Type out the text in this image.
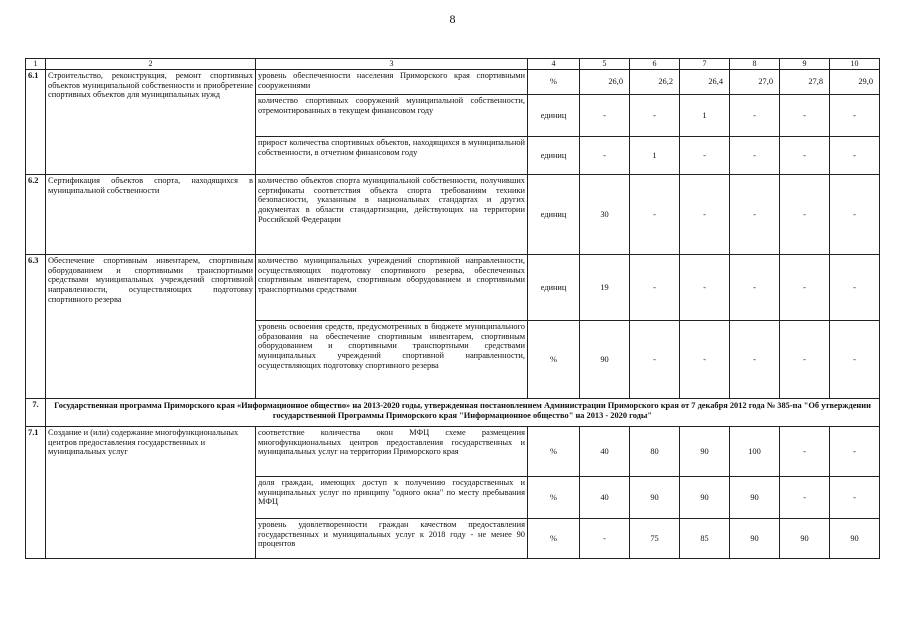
8
1	2	3	4	5	6	7	8	9	10
6.1	Строительство, реконструкция, ремонт спортивных объектов муниципальной собственности и приобретение спортивных объектов для муниципальных нужд	уровень обеспеченности населения Приморского края спортивными сооружениями	%	26,0	26,2	26,4	27,0	27,8	29,0
		количество спортивных сооружений муниципальной собственности, отремонтированных в текущем финансовом году	единиц	-	-	1	-	-	-
		прирост количества спортивных объектов, находящихся в муниципальной собственности, в отчетном финансовом году	единиц	-	1	-	-	-	-
6.2	Сертификация объектов спорта, находящихся в муниципальной собственности	количество объектов спорта муниципальной собственности, получивших сертификаты соответствия объекта спорта требованиям техники безопасности, указанным в национальных стандартах и других документах в области стандартизации, действующих на территории Российской Федерации	единиц	30	-	-	-	-	-
6.3	Обеспечение спортивным инвентарем, спортивным оборудованием и спортивными транспортными средствами муниципальных учреждений спортивной направленности, осуществляющих подготовку спортивного резерва	количество муниципальных учреждений спортивной направленности, осуществляющих подготовку спортивного резерва, обеспеченных спортивным инвентарем, спортивным оборудованием и спортивными транспортными средствами	единиц	19	-	-	-	-	-
		уровень освоения средств, предусмотренных в бюджете муниципального образования на обеспечение спортивным инвентарем, спортивным оборудованием и спортивными транспортными средствами муниципальных учреждений спортивной направленности, осуществляющих подготовку спортивного резерва	%	90	-	-	-	-	-
7.	Государственная программа Приморского края «Информационное общество» на 2013-2020 годы, утвержденная постановлением Администрации Приморского края от 7 декабря 2012 года № 385-па "Об утверждении государственной Программы Приморского края "Информационное общество" на 2013 - 2020 годы"								
7.1	Создание и (или) содержание многофункциональных центров предоставления государственных и муниципальных услуг	соответствие количества окон МФЦ схеме размещения многофункциональных центров предоставления государственных и муниципальных услуг на территории Приморского края	%	40	80	90	100	-	-
		доля граждан, имеющих доступ к получению государственных и муниципальных услуг по принципу "одного окна" по месту пребывания МФЦ	%	40	90	90	90	-	-
		уровень удовлетворенности граждан качеством предоставления государственных и муниципальных услуг к 2018 году - не менее 90 процентов	%	-	75	85	90	90	90
